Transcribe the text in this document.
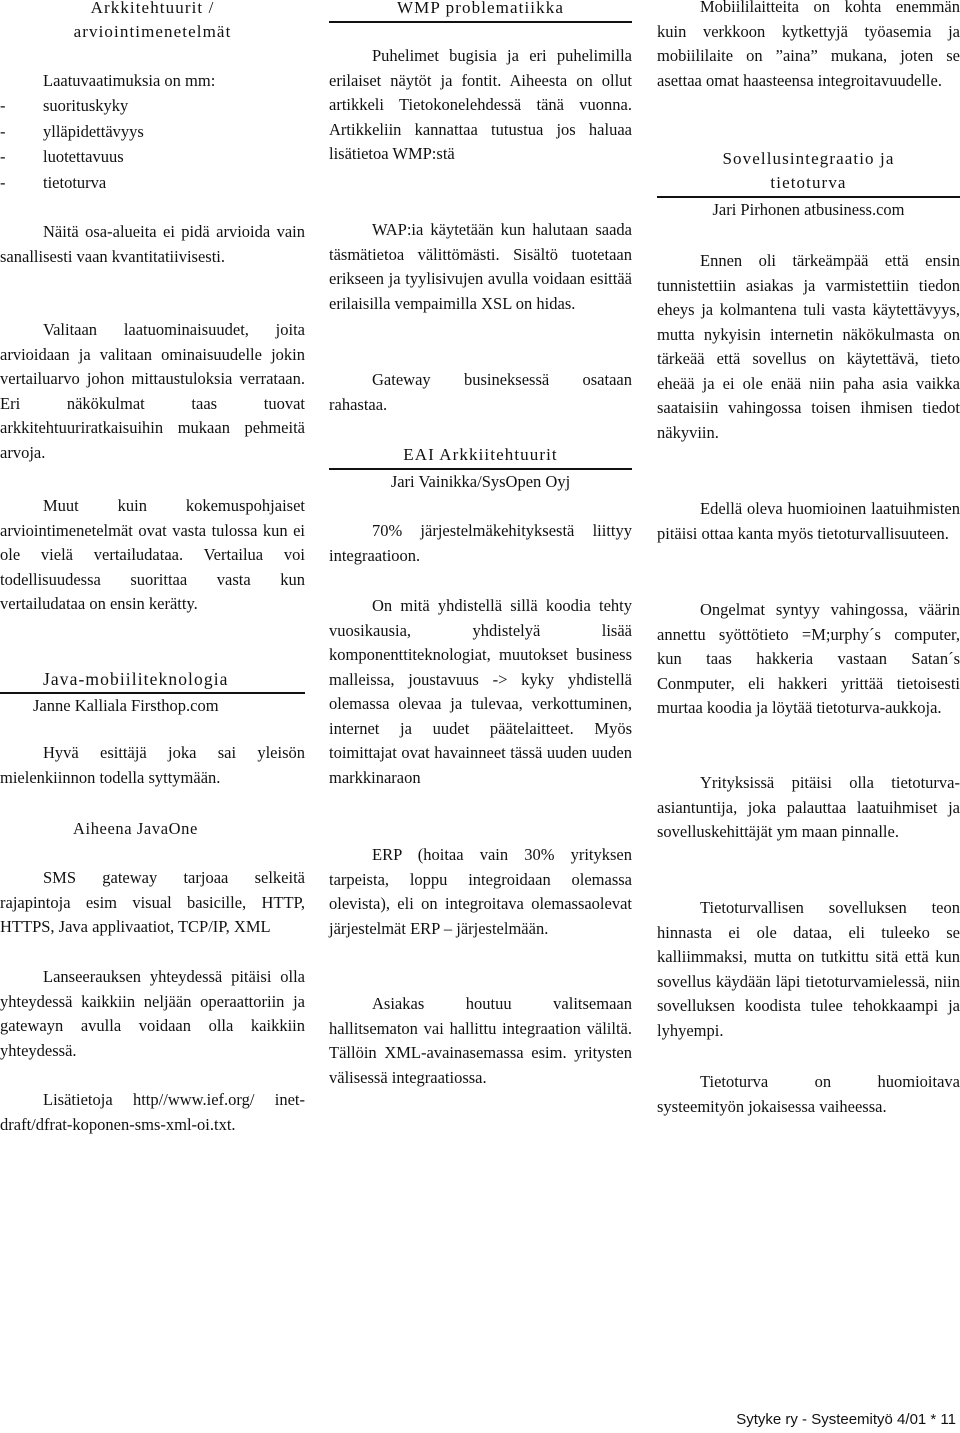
Arkkitehtuurit /

arviointimenetelmät

Laatuvaatimuksia on mm:

- suorituskyky
- ylläpidettävyys
- luotettavuus
- tietoturva

Näitä osa-alueita ei pidä arvioida vain sanallisesti vaan kvantitatiivisesti.

Valitaan laatuominaisuudet, joita arvioidaan ja valitaan ominaisuudelle jokin vertailuarvo johon mittaustuloksia verrataan. Eri näkökulmat taas tuovat arkkitehtuuriratkaisuihin mukaan pehmeitä arvoja.

Muut kuin kokemuspohjaiset arviointimenetelmät ovat vasta tulossa kun ei ole vielä vertailudataa. Vertailua voi todellisuudessa suorittaa vasta kun vertailudataa on ensin kerätty.

Java-mobiiliteknologia

Janne Kalliala Firsthop.com

Hyvä esittäjä joka sai yleisön mielenkiinnon todella syttymään.

Aiheena JavaOne

SMS gateway tarjoaa selkeitä rajapintoja esim visual basicille, HTTP, HTTPS, Java applivaatiot, TCP/IP, XML

Lanseerauksen yhteydessä pitäisi olla yhteydessä kaikkiin neljään operaattoriin ja gatewayn avulla voidaan olla kaikkiin yhteydessä.

Lisätietoja http//www.ief.org/ inet-draft/dfrat-koponen-sms-xml-oi.txt.

WMP problematiikka

Puhelimet bugisia ja eri puhelimilla erilaiset näytöt ja fontit. Aiheesta on ollut artikkeli Tietokonelehdessä tänä vuonna. Artikkeliin kannattaa tutustua jos haluaa lisätietoa WMP:stä

WAP:ia käytetään kun halutaan saada täsmätietoa välittömästi. Sisältö tuotetaan erikseen ja tyylisivujen avulla voidaan esittää erilaisilla vempaimilla XSL on hidas.

Gateway busineksessä osataan rahastaa.

EAI Arkkiitehtuurit

Jari Vainikka/SysOpen Oyj

70% järjestelmäkehityksestä liittyy integraatioon.

On mitä yhdistellä sillä koodia tehty vuosikausia, yhdistelyä lisää komponenttiteknologiat, muutokset business malleissa, joustavuus -> kyky yhdistellä olemassa olevaa ja tulevaa, verkottuminen, internet ja uudet päätelaitteet. Myös toimittajat ovat havainneet tässä uuden uuden markkinaraon

ERP (hoitaa vain 30% yrityksen tarpeista, loppu integroidaan olemassa olevista), eli on integroitava olemassaolevat järjestelmät ERP – järjestelmään.

Asiakas houtuu valitsemaan hallitsematon vai hallittu integraation väliltä. Tällöin XML-avainasemassa esim. yritysten välisessä integraatiossa.

Mobiililaitteita on kohta enemmän kuin verkkoon kytkettyjä työasemia ja mobiililaite on ”aina” mukana, joten se asettaa omat haasteensa integroitavuudelle.

Sovellusintegraatio ja

tietoturva

Jari Pirhonen atbusiness.com

Ennen oli tärkeämpää että ensin tunnistettiin asiakas ja varmistettiin tiedon eheys ja kolmantena tuli vasta käytettävyys, mutta nykyisin internetin näkökulmasta on tärkeää että sovellus on käytettävä, tieto eheää ja ei ole enää niin paha asia vaikka saataisiin vahingossa toisen ihmisen tiedot näkyviin.

Edellä oleva huomioinen laatuihmisten pitäisi ottaa kanta myös tietoturvallisuuteen.

Ongelmat syntyy vahingossa, väärin annettu syöttötieto =M;urphy´s computer, kun taas hakkeria vastaan Satan´s Conmputer, eli hakkeri yrittää tietoisesti murtaa koodia ja löytää tietoturva-aukkoja.

Yrityksissä pitäisi olla tietoturva-asiantuntija, joka palauttaa laatuihmiset ja sovelluskehittäjät ym maan pinnalle.

Tietoturvallisen sovelluksen teon hinnasta ei ole dataa, eli tuleeko se kalliimmaksi, mutta on tutkittu sitä että kun sovellus käydään läpi tietoturvamielessä, niin sovelluksen koodista tulee tehokkaampi ja lyhyempi.

Tietoturva on huomioitava systeemityön jokaisessa vaiheessa.

Sytyke ry - Systeemityö 4/01 * 11
